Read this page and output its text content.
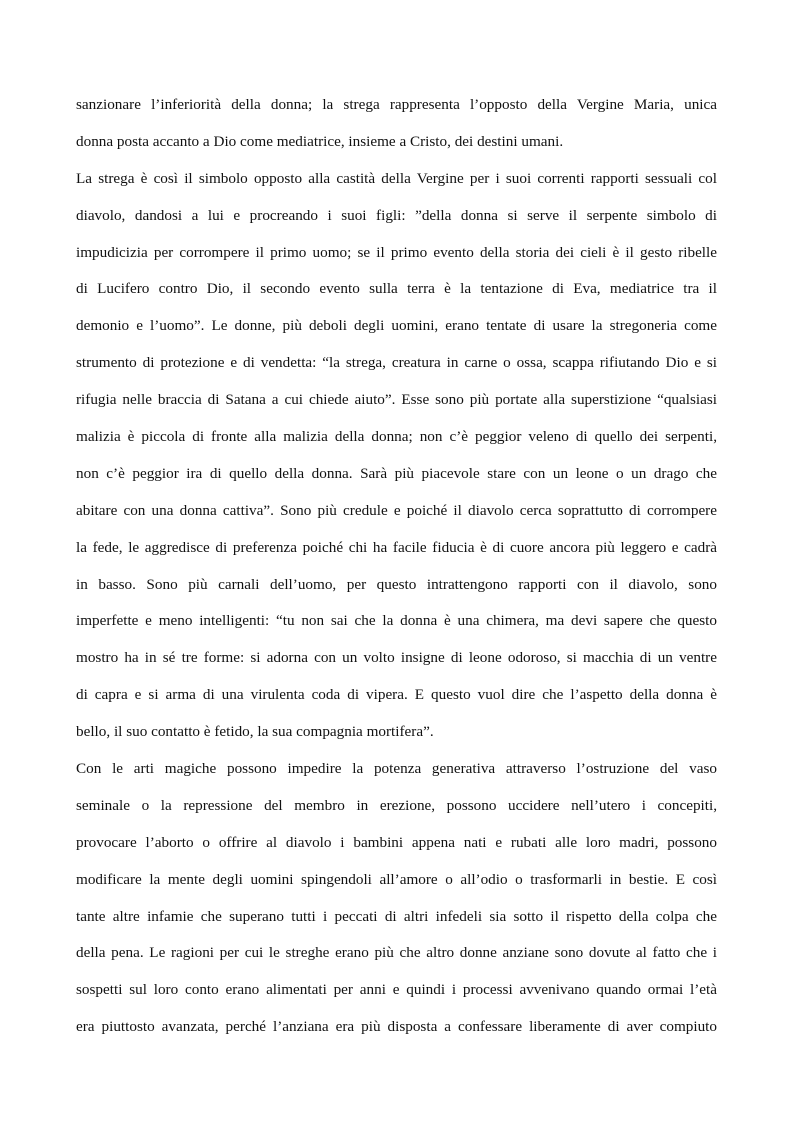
sanzionare l’inferiorità della donna; la strega rappresenta l’opposto della Vergine Maria, unica
donna posta accanto a Dio come mediatrice, insieme a Cristo, dei destini umani.
La strega è così il simbolo opposto alla castità della Vergine per i suoi correnti rapporti sessuali col
diavolo, dandosi a lui e procreando i suoi figli: ”della donna si serve il serpente simbolo di
impudicizia per corrompere il primo uomo; se il primo evento della storia dei cieli è il gesto ribelle
di Lucifero contro Dio, il secondo evento sulla terra è la tentazione di Eva, mediatrice tra il
demonio e l’uomo”. Le donne, più deboli degli uomini, erano tentate di usare la stregoneria come
strumento di protezione e di vendetta: “la strega, creatura in carne o ossa, scappa rifiutando Dio e si
rifugia nelle braccia di Satana a cui chiede aiuto”. Esse sono più portate alla superstizione “qualsiasi
malizia è piccola di fronte alla malizia della donna; non c’è peggior veleno di quello dei serpenti,
non c’è peggior ira di quello della donna. Sarà più piacevole stare con un leone o un drago che
abitare con una donna cattiva”. Sono più credule e poiché il diavolo cerca soprattutto di corrompere
la fede, le aggredisce di preferenza poiché chi ha facile fiducia è di cuore ancora più leggero e cadrà
in basso. Sono più carnali dell’uomo, per questo intrattengono rapporti con il diavolo, sono
imperfette e meno intelligenti: “tu non sai che la donna è una chimera, ma devi sapere che questo
mostro ha in sé tre forme: si adorna con un volto insigne di leone odoroso, si macchia di un ventre
di capra e si arma di una virulenta coda di vipera. E questo vuol dire che l’aspetto della donna è
bello, il suo contatto è fetido, la sua compagnia mortifera”.
Con le arti magiche possono impedire la potenza generativa attraverso l’ostruzione del vaso
seminale o la repressione del membro in erezione, possono uccidere nell’utero i concepiti,
provocare l’aborto o offrire al diavolo i bambini appena nati e rubati alle loro madri, possono
modificare la mente degli uomini spingendoli all’amore o all’odio o trasformarli in bestie. E così
tante altre infamie che superano tutti i peccati di altri infedeli sia sotto il rispetto della colpa che
della pena. Le ragioni per cui le streghe erano più che altro donne anziane sono dovute al fatto che i
sospetti sul loro conto erano alimentati per anni e quindi i processi avvenivano quando ormai l’età
era piuttosto avanzata, perché l’anziana era più disposta a confessare liberamente di aver compiuto
